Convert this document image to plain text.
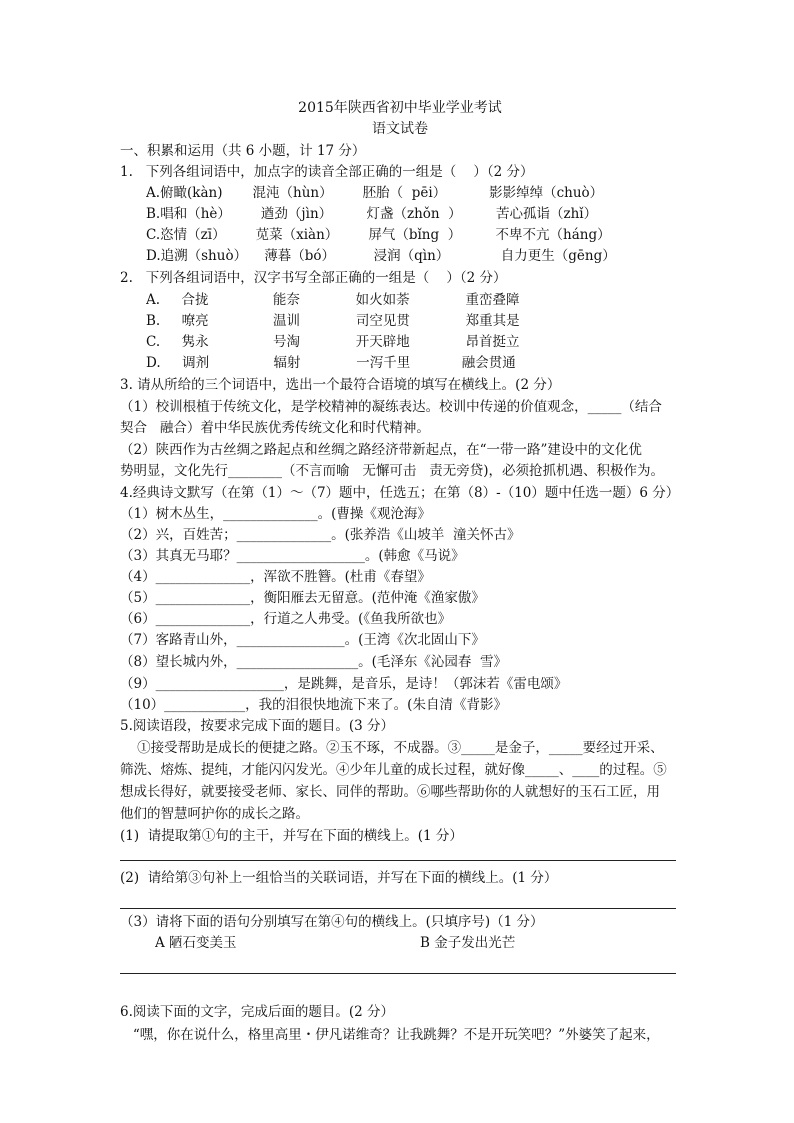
2015年陕西省初中毕业学业考试
语文试卷
一、积累和运用（共 6 小题，计 17 分）
1.   下列各组词语中，加点字的读音全部正确的一组是（    ）（2 分）
A.俯瞰(kàn)       混沌（hùn）       胚胎（  pēi）          影影绰绰（chuò）
B.唱和（hè）       遒劲（jìn）        灯盏（zhǒn  ）        苦心孤诣（zhǐ）
C.恣情（zī）       苋菜（xiàn）       屏气（bǐng  ）        不卑不亢（háng）
D.追溯（shuò）    薄暮（bó）         浸润（qìn）            自力更生（gēng）
2.   下列各组词语中，汉字书写全部正确的一组是（    ）（2 分）
A.     合拢               能奈             如火如荼             重峦叠障
B.     嘹亮               温训             司空见贯             郑重其是
C.     隽永               号淘             开天辟地             昂首挺立
D.     调剂               辐射             一泻千里            融会贯通
3. 请从所给的三个词语中，选出一个最符合语境的填写在横线上。(2 分）
（1）校训根植于传统文化，是学校精神的凝练表达。校训中传递的价值观念，_____（结合
契合   融合）着中华民族优秀传统文化和时代精神。
（2）陕西作为古丝绸之路起点和丝绸之路经济带新起点，在“一带一路”建设中的文化优
势明显，文化先行________（不言而喻   无懈可击   责无旁贷)，必须抢抓机遇、积极作为。
4.经典诗文默写（在第（1）～（7）题中，任选五；在第（8）-（10）题中任选一题）6 分）
（1）树木丛生，______________。(曹操《观沧海》
（2）兴，百姓苦；______________。(张养浩《山坡羊  潼关怀古》
（3）其真无马耶？___________________。(韩愈《马说》
（4）______________，浑欲不胜簪。(杜甫《春望》
（5）______________，衡阳雁去无留意。(范仲淹《渔家傲》
（6）______________，行道之人弗受。(《鱼我所欲也》
（7）客路青山外，________________。(王湾《次北固山下》
（8）望长城内外，__________________。(毛泽东《沁园春  雪》
（9）___________________，是跳舞，是音乐，是诗！（郭沫若《雷电颂》
（10）____________，我的泪很快地流下来了。(朱自清《背影》
5.阅读语段，按要求完成下面的题目。(3 分）
①接受帮助是成长的便捷之路。②玉不琢，不成器。③_____是金子，_____要经过开采、
筛洗、熔炼、提纯，才能闪闪发光。④少年儿童的成长过程，就好像_____、____的过程。⑤
想成长得好，就要接受老师、家长、同伴的帮助。⑥哪些帮助你的人就想好的玉石工匠，用
他们的智慧呵护你的成长之路。
(1)  请提取第①句的主干，并写在下面的横线上。(1 分）
(2)  请给第③句补上一组恰当的关联词语，并写在下面的横线上。(1 分）
（3）请将下面的语句分别填写在第④句的横线上。(只填序号)（1 分）
A 陋石变美玉	B 金子发出光芒
6.阅读下面的文字，完成后面的题目。(2 分）
“嘿，你在说什么，格里高里・伊凡诺维奇？让我跳舞？不是开玩笑吧？”外婆笑了起来，
